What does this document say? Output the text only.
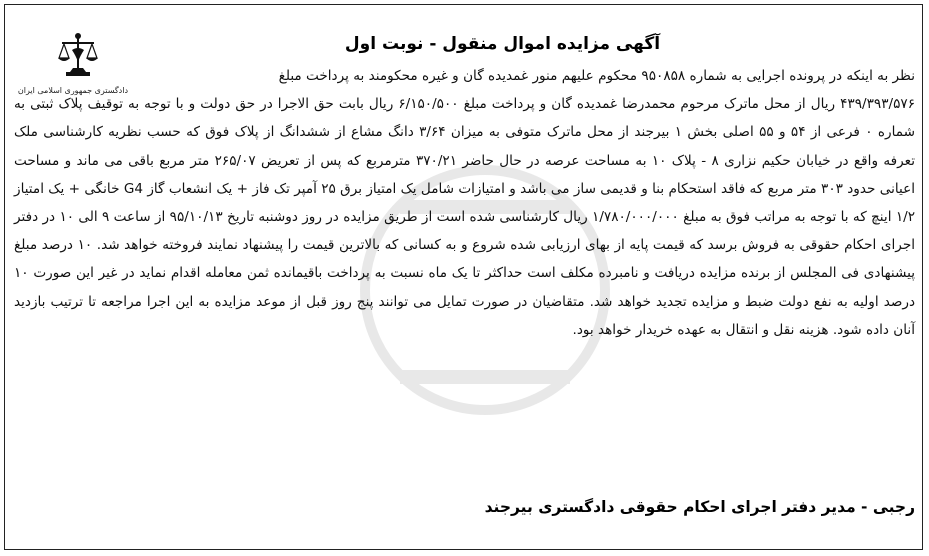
دادگستری جمهوری اسلامی ایران
آگهی مزایده اموال منقول - نوبت اول

نظر به اینکه در پرونده اجرایی به شماره ۹۵۰۸۵۸ محکوم علیهم منور غمدیده گان و غیره محکومند به پرداخت مبلغ

۴۳۹/۳۹۳/۵۷۶ ریال از محل ماترک مرحوم محمدرضا غمدیده گان و پرداخت مبلغ ۶/۱۵۰/۵۰۰ ریال بابت حق الاجرا در حق دولت و با توجه به توقیف پلاک ثبتی به شماره ۰ فرعی از ۵۴ و ۵۵ اصلی بخش ۱ بیرجند از محل ماترک متوفی به میزان ۳/۶۴ دانگ مشاع از ششدانگ از پلاک فوق که حسب نظریه کارشناسی ملک تعرفه واقع در خیابان حکیم نزاری ۸ - پلاک ۱۰ به مساحت عرصه در حال حاضر ۳۷۰/۲۱ مترمربع که پس از تعریض ۲۶۵/۰۷ متر مربع باقی می ماند و مساحت اعیانی حدود ۳۰۳ متر مربع که فاقد استحکام بنا و قدیمی ساز می باشد و امتیازات شامل یک امتیاز برق ۲۵ آمپر تک فاز + یک انشعاب گاز G4 خانگی + یک امتیاز ۱/۲ اینچ که با توجه به مراتب فوق به مبلغ ۱/۷۸۰/۰۰۰/۰۰۰ ریال کارشناسی شده است از طریق مزایده در روز دوشنبه تاریخ ۹۵/۱۰/۱۳ از ساعت ۹ الی ۱۰ در دفتر اجرای احکام حقوقی به فروش برسد که قیمت پایه از بهای ارزیابی شده شروع و به کسانی که بالاترین قیمت را پیشنهاد نمایند فروخته خواهد شد. ۱۰ درصد مبلغ پیشنهادی فی المجلس از برنده مزایده دریافت و نامبرده مکلف است حداکثر تا یک ماه نسبت به پرداخت باقیمانده ثمن معامله اقدام نماید در غیر این صورت ۱۰ درصد اولیه به نفع دولت ضبط و مزایده تجدید خواهد شد. متقاضیان در صورت تمایل می توانند پنج روز قبل از موعد مزایده به این اجرا مراجعه تا ترتیب بازدید آنان داده شود. هزینه نقل و انتقال به عهده خریدار خواهد بود.

رجبی - مدیر دفتر اجرای احکام حقوقی دادگستری بیرجند
